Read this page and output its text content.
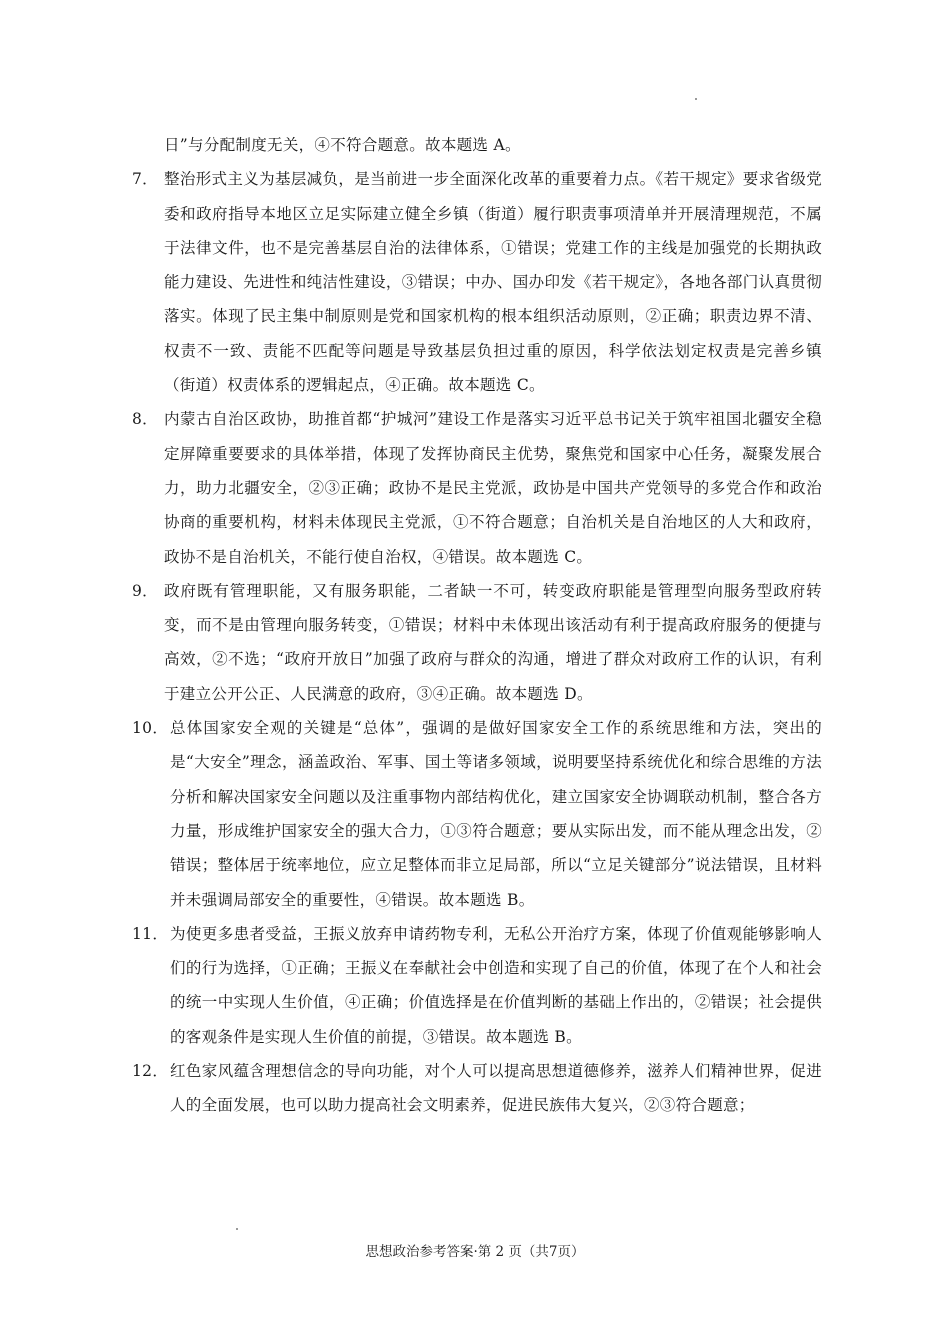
日”与分配制度无关，④不符合题意。故本题选 A。

7． 整治形式主义为基层减负，是当前进一步全面深化改革的重要着力点。《若干规定》要求省级党委和政府指导本地区立足实际建立健全乡镇（街道）履行职责事项清单并开展清理规范，不属于法律文件，也不是完善基层自治的法律体系，①错误；党建工作的主线是加强党的长期执政能力建设、先进性和纯洁性建设，③错误；中办、国办印发《若干规定》，各地各部门认真贯彻落实。体现了民主集中制原则是党和国家机构的根本组织活动原则，②正确；职责边界不清、权责不一致、责能不匹配等问题是导致基层负担过重的原因，科学依法划定权责是完善乡镇（街道）权责体系的逻辑起点，④正确。故本题选 C。
8． 内蒙古自治区政协，助推首都“护城河”建设工作是落实习近平总书记关于筑牢祖国北疆安全稳定屏障重要要求的具体举措，体现了发挥协商民主优势，聚焦党和国家中心任务，凝聚发展合力，助力北疆安全，②③正确；政协不是民主党派，政协是中国共产党领导的多党合作和政治协商的重要机构，材料未体现民主党派，①不符合题意；自治机关是自治地区的人大和政府，政协不是自治机关，不能行使自治权，④错误。故本题选 C。
9． 政府既有管理职能，又有服务职能，二者缺一不可，转变政府职能是管理型向服务型政府转变，而不是由管理向服务转变，①错误；材料中未体现出该活动有利于提高政府服务的便捷与高效，②不选；“政府开放日”加强了政府与群众的沟通，增进了群众对政府工作的认识，有利于建立公开公正、人民满意的政府，③④正确。故本题选 D。
10． 总体国家安全观的关键是“总体”，强调的是做好国家安全工作的系统思维和方法，突出的是“大安全”理念，涵盖政治、军事、国土等诸多领域，说明要坚持系统优化和综合思维的方法分析和解决国家安全问题以及注重事物内部结构优化，建立国家安全协调联动机制，整合各方力量，形成维护国家安全的强大合力，①③符合题意；要从实际出发，而不能从理念出发，②错误；整体居于统率地位，应立足整体而非立足局部，所以“立足关键部分”说法错误，且材料并未强调局部安全的重要性，④错误。故本题选 B。
11． 为使更多患者受益，王振义放弃申请药物专利，无私公开治疗方案，体现了价值观能够影响人们的行为选择，①正确；王振义在奉献社会中创造和实现了自己的价值，体现了在个人和社会的统一中实现人生价值，④正确；价值选择是在价值判断的基础上作出的，②错误；社会提供的客观条件是实现人生价值的前提，③错误。故本题选 B。
12． 红色家风蕴含理想信念的导向功能，对个人可以提高思想道德修养，滋养人们精神世界，促进人的全面发展，也可以助力提高社会文明素养，促进民族伟大复兴，②③符合题意；
思想政治参考答案·第 2 页（共7页）
